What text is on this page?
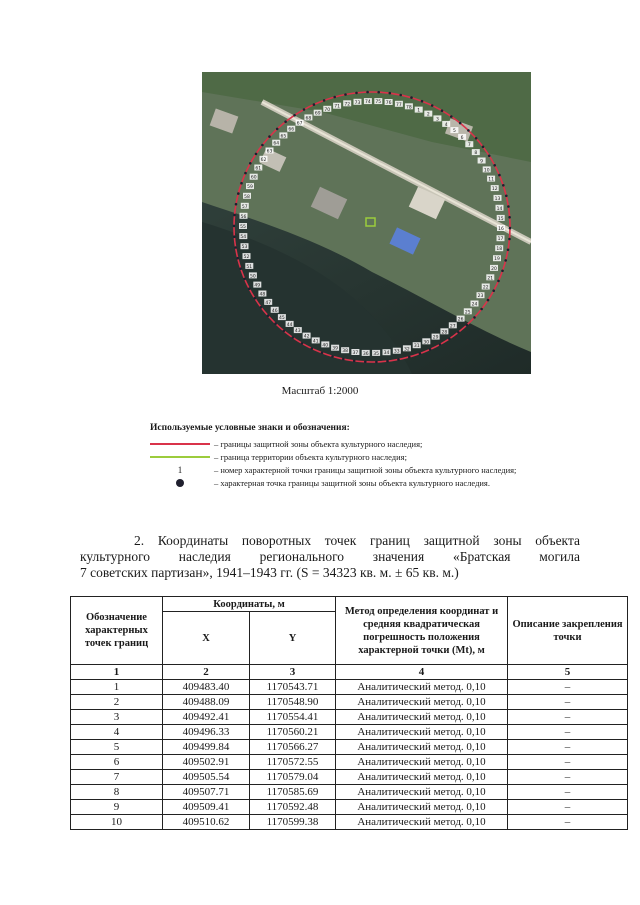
1
2
3
4
5
6
7
8
9
10
11
12
13
14
15
16
17
18
19
20
21
22
23
24
25
26
27
28
29
30
31
32
33
34
35
36
37
38
39
40
41
42
43
44
45
46
47
48
49
50
51
52
53
54
55
56
57
58
59
60
61
62
63
64
65
66
67
68
69
70
71 72 73 74 75 76 77 78
Масштаб 1:2000
Используемые условные знаки и обозначения:
– границы защитной зоны объекта культурного наследия;
– граница территории объекта культурного наследия;
1	– номер характерной точки границы защитной зоны объекта культурного наследия;
– характерная точка границы защитной зоны объекта культурного наследия.
2. Координаты поворотных точек границ защитной зоны объекта
культурного наследия регионального значения «Братская могила
7 советских партизан», 1941–1943 гг. (S = 34323 кв. м. ± 65 кв. м.)
Обозначение характерных точек границ	Координаты, м		Метод определения координат и средняя квадратическая погрешность положения характерной точки (Mt), м	Описание закрепления точки
	X	Y		
1	2	3	4	5
1	409483.40	1170543.71	Аналитический метод. 0,10	–
2	409488.09	1170548.90	Аналитический метод. 0,10	–
3	409492.41	1170554.41	Аналитический метод. 0,10	–
4	409496.33	1170560.21	Аналитический метод. 0,10	–
5	409499.84	1170566.27	Аналитический метод. 0,10	–
6	409502.91	1170572.55	Аналитический метод. 0,10	–
7	409505.54	1170579.04	Аналитический метод. 0,10	–
8	409507.71	1170585.69	Аналитический метод. 0,10	–
9	409509.41	1170592.48	Аналитический метод. 0,10	–
10	409510.62	1170599.38	Аналитический метод. 0,10	–
